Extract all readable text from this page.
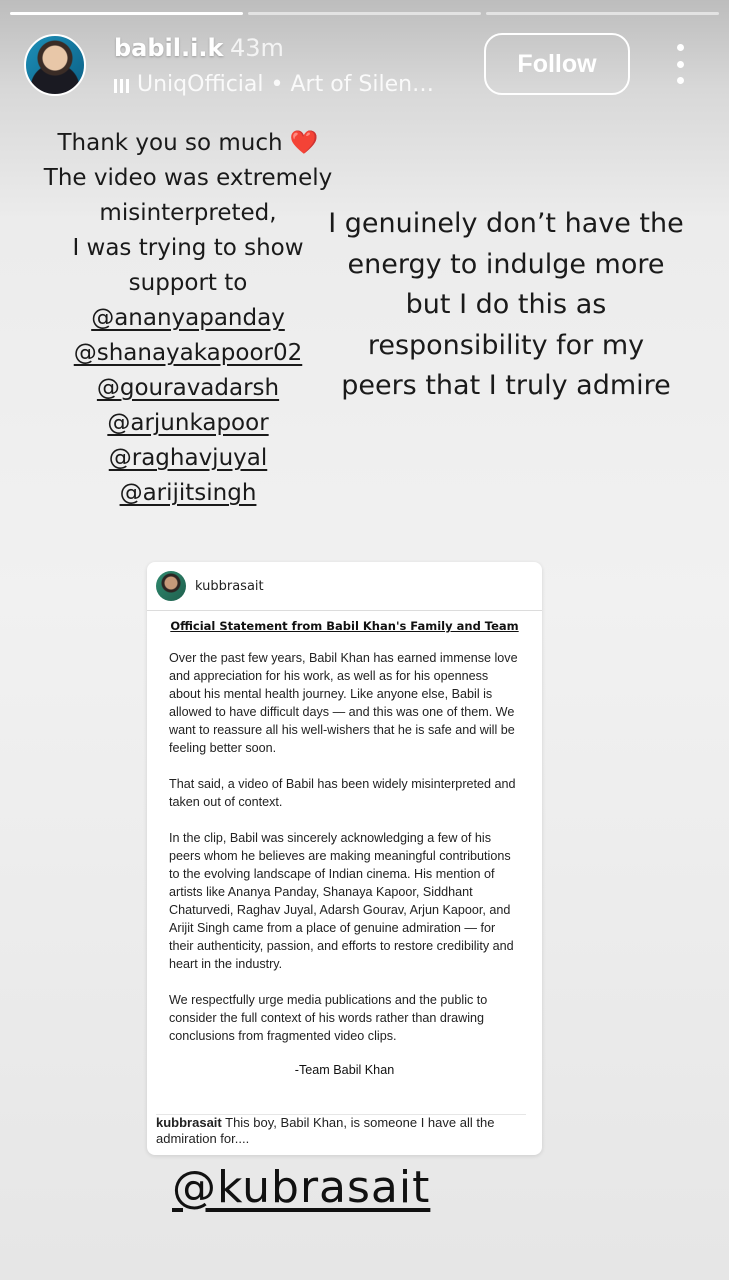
babil.i.k 43m
UniqOfficial • Art of Silen…
Follow
Thank you so much ❤️
The video was extremely
misinterpreted,
I was trying to show
support to
@ananyapanday
@shanayakapoor02
@gouravadarsh
@arjunkapoor
@raghavjuyal
@arijitsingh
I genuinely don’t have the
energy to indulge more
but I do this as
responsibility for my
peers that I truly admire
kubbrasait
Official Statement from Babil Khan's Family and Team

Over the past few years, Babil Khan has earned immense love and appreciation for his work, as well as for his openness about his mental health journey. Like anyone else, Babil is allowed to have difficult days — and this was one of them. We want to reassure all his well-wishers that he is safe and will be feeling better soon.

That said, a video of Babil has been widely misinterpreted and taken out of context.

In the clip, Babil was sincerely acknowledging a few of his peers whom he believes are making meaningful contributions to the evolving landscape of Indian cinema. His mention of artists like Ananya Panday, Shanaya Kapoor, Siddhant Chaturvedi, Raghav Juyal, Adarsh Gourav, Arjun Kapoor, and Arijit Singh came from a place of genuine admiration — for their authenticity, passion, and efforts to restore credibility and heart in the industry.

We respectfully urge media publications and the public to consider the full context of his words rather than drawing conclusions from fragmented video clips.

-Team Babil Khan
kubbrasait This boy, Babil Khan, is someone I have all the admiration for....
@kubrasait
